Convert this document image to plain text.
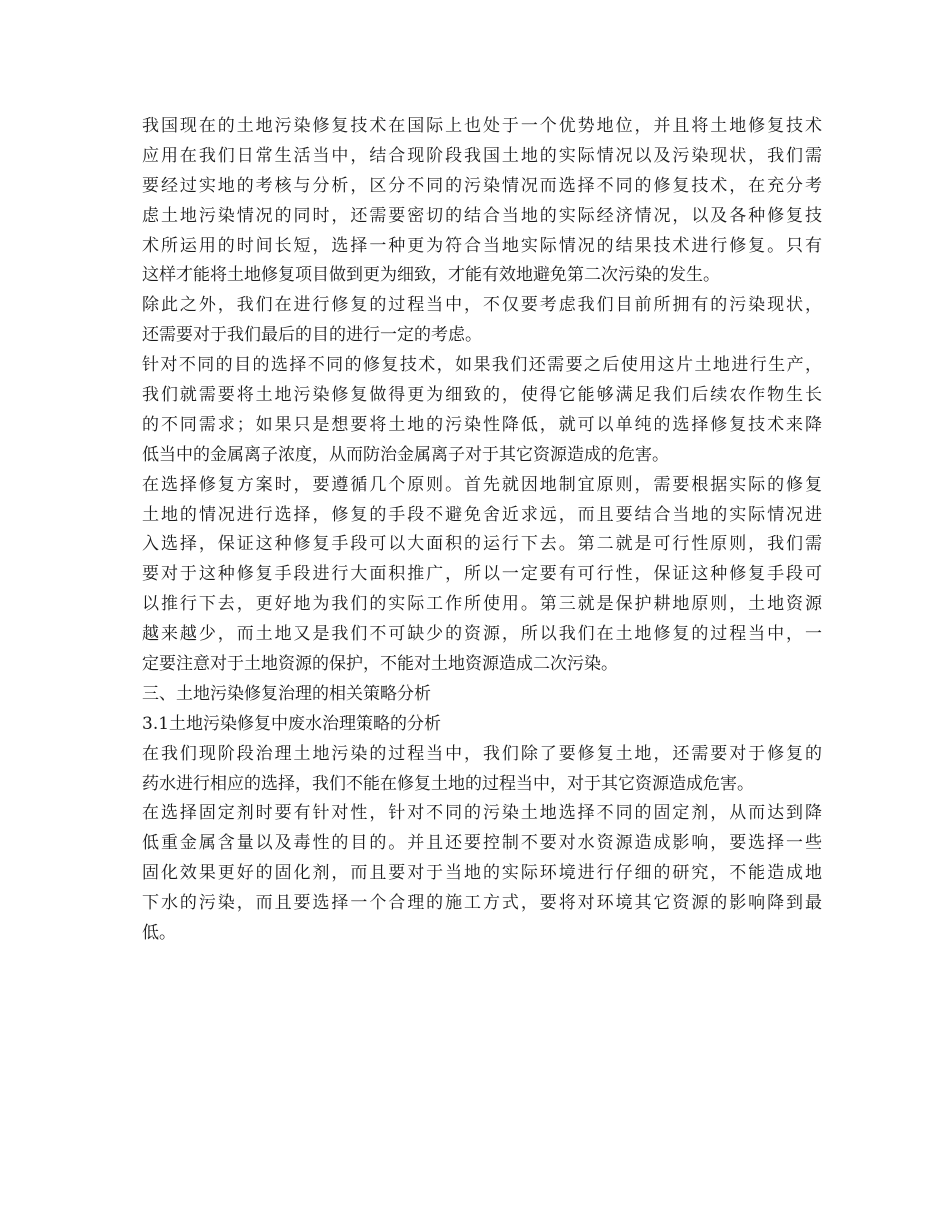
我国现在的土地污染修复技术在国际上也处于一个优势地位，并且将土地修复技术
应用在我们日常生活当中，结合现阶段我国土地的实际情况以及污染现状，我们需
要经过实地的考核与分析，区分不同的污染情况而选择不同的修复技术，在充分考
虑土地污染情况的同时，还需要密切的结合当地的实际经济情况，以及各种修复技
术所运用的时间长短，选择一种更为符合当地实际情况的结果技术进行修复。只有
这样才能将土地修复项目做到更为细致，才能有效地避免第二次污染的发生。
除此之外，我们在进行修复的过程当中，不仅要考虑我们目前所拥有的污染现状，
还需要对于我们最后的目的进行一定的考虑。
针对不同的目的选择不同的修复技术，如果我们还需要之后使用这片土地进行生产，
我们就需要将土地污染修复做得更为细致的，使得它能够满足我们后续农作物生长
的不同需求；如果只是想要将土地的污染性降低，就可以单纯的选择修复技术来降
低当中的金属离子浓度，从而防治金属离子对于其它资源造成的危害。
在选择修复方案时，要遵循几个原则。首先就因地制宜原则，需要根据实际的修复
土地的情况进行选择，修复的手段不避免舍近求远，而且要结合当地的实际情况进
入选择，保证这种修复手段可以大面积的运行下去。第二就是可行性原则，我们需
要对于这种修复手段进行大面积推广，所以一定要有可行性，保证这种修复手段可
以推行下去，更好地为我们的实际工作所使用。第三就是保护耕地原则，土地资源
越来越少，而土地又是我们不可缺少的资源，所以我们在土地修复的过程当中，一
定要注意对于土地资源的保护，不能对土地资源造成二次污染。
三、土地污染修复治理的相关策略分析
3.1土地污染修复中废水治理策略的分析
在我们现阶段治理土地污染的过程当中，我们除了要修复土地，还需要对于修复的
药水进行相应的选择，我们不能在修复土地的过程当中，对于其它资源造成危害。
在选择固定剂时要有针对性，针对不同的污染土地选择不同的固定剂，从而达到降
低重金属含量以及毒性的目的。并且还要控制不要对水资源造成影响，要选择一些
固化效果更好的固化剂，而且要对于当地的实际环境进行仔细的研究，不能造成地
下水的污染，而且要选择一个合理的施工方式，要将对环境其它资源的影响降到最
低。
